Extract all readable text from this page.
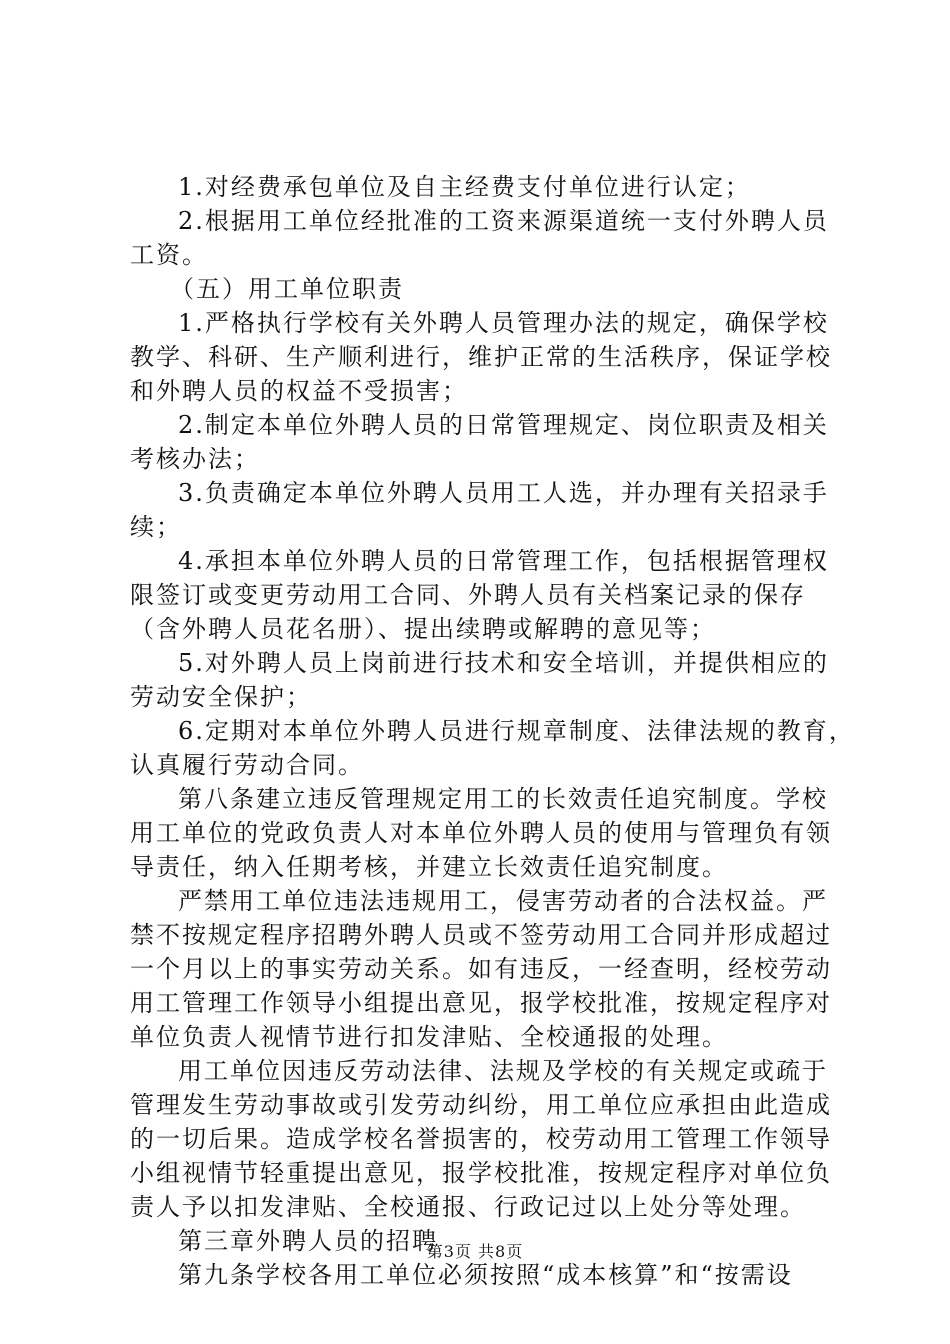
1.对经费承包单位及自主经费支付单位进行认定；
2.根据用工单位经批准的工资来源渠道统一支付外聘人员
工资。
（五）用工单位职责
1.严格执行学校有关外聘人员管理办法的规定，确保学校
教学、科研、生产顺利进行，维护正常的生活秩序，保证学校
和外聘人员的权益不受损害；
2.制定本单位外聘人员的日常管理规定、岗位职责及相关
考核办法；
3.负责确定本单位外聘人员用工人选，并办理有关招录手
续；
4.承担本单位外聘人员的日常管理工作，包括根据管理权
限签订或变更劳动用工合同、外聘人员有关档案记录的保存
（含外聘人员花名册）、提出续聘或解聘的意见等；
5.对外聘人员上岗前进行技术和安全培训，并提供相应的
劳动安全保护；
6.定期对本单位外聘人员进行规章制度、法律法规的教育，
认真履行劳动合同。
第八条建立违反管理规定用工的长效责任追究制度。学校
用工单位的党政负责人对本单位外聘人员的使用与管理负有领
导责任，纳入任期考核，并建立长效责任追究制度。
严禁用工单位违法违规用工，侵害劳动者的合法权益。严
禁不按规定程序招聘外聘人员或不签劳动用工合同并形成超过
一个月以上的事实劳动关系。如有违反，一经查明，经校劳动
用工管理工作领导小组提出意见，报学校批准，按规定程序对
单位负责人视情节进行扣发津贴、全校通报的处理。
用工单位因违反劳动法律、法规及学校的有关规定或疏于
管理发生劳动事故或引发劳动纠纷，用工单位应承担由此造成
的一切后果。造成学校名誉损害的，校劳动用工管理工作领导
小组视情节轻重提出意见，报学校批准，按规定程序对单位负
责人予以扣发津贴、全校通报、行政记过以上处分等处理。
第三章外聘人员的招聘
第九条学校各用工单位必须按照“成本核算”和“按需设
第3页 共8页
